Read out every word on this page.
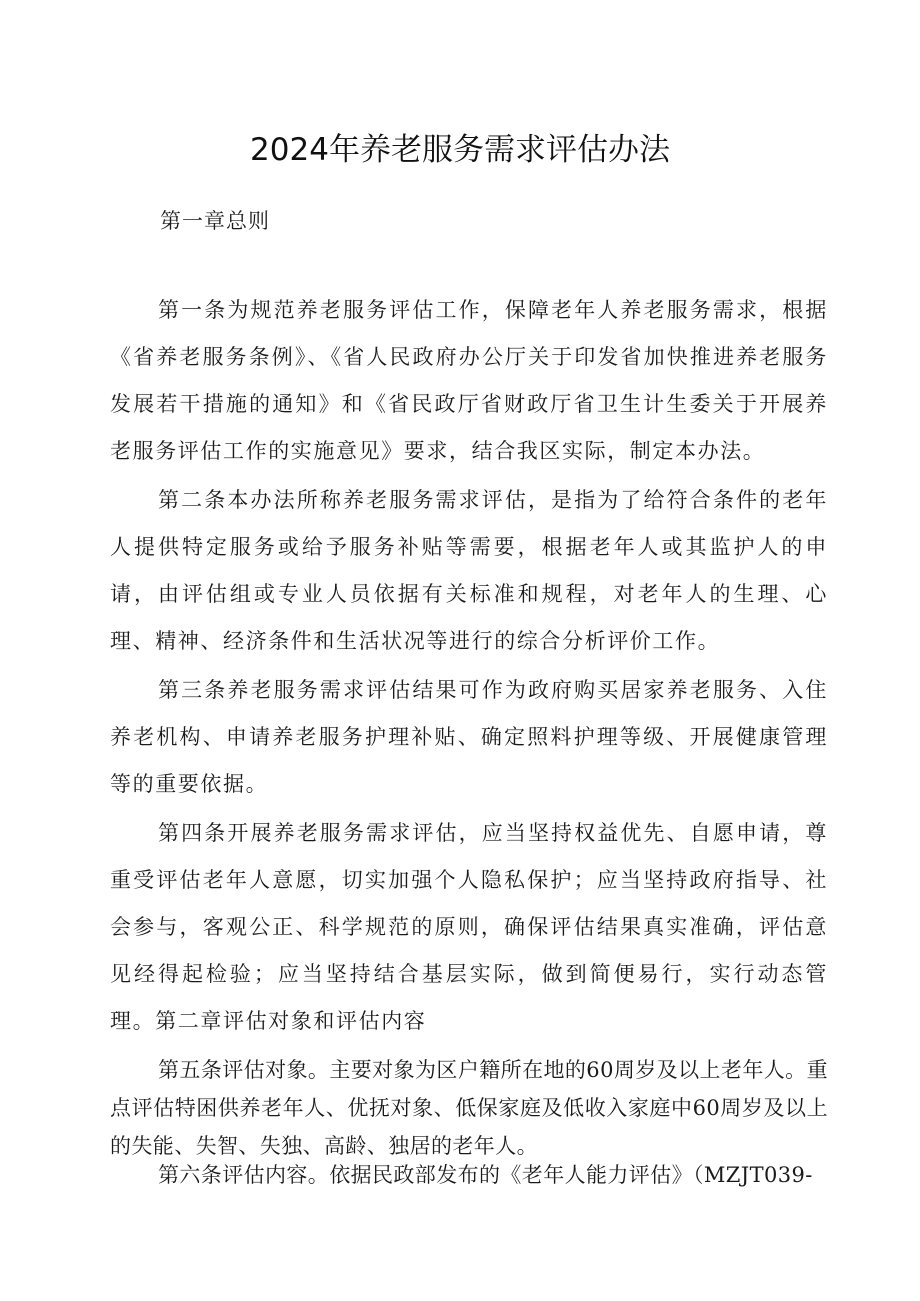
2024年养老服务需求评估办法
第一章总则

第一条为规范养老服务评估工作，保障老年人养老服务需求，根据《省养老服务条例》、《省人民政府办公厅关于印发省加快推进养老服务发展若干措施的通知》和《省民政厅省财政厅省卫生计生委关于开展养老服务评估工作的实施意见》要求，结合我区实际，制定本办法。

第二条本办法所称养老服务需求评估，是指为了给符合条件的老年人提供特定服务或给予服务补贴等需要，根据老年人或其监护人的申请，由评估组或专业人员依据有关标准和规程，对老年人的生理、心理、精神、经济条件和生活状况等进行的综合分析评价工作。

第三条养老服务需求评估结果可作为政府购买居家养老服务、入住养老机构、申请养老服务护理补贴、确定照料护理等级、开展健康管理等的重要依据。

第四条开展养老服务需求评估，应当坚持权益优先、自愿申请，尊重受评估老年人意愿，切实加强个人隐私保护；应当坚持政府指导、社会参与，客观公正、科学规范的原则，确保评估结果真实准确，评估意见经得起检验；应当坚持结合基层实际，做到简便易行，实行动态管理。第二章评估对象和评估内容

第五条评估对象。主要对象为区户籍所在地的60周岁及以上老年人。重点评估特困供养老年人、优抚对象、低保家庭及低收入家庭中60周岁及以上的失能、失智、失独、高龄、独居的老年人。

第六条评估内容。依据民政部发布的《老年人能力评估》（MZJT039-
